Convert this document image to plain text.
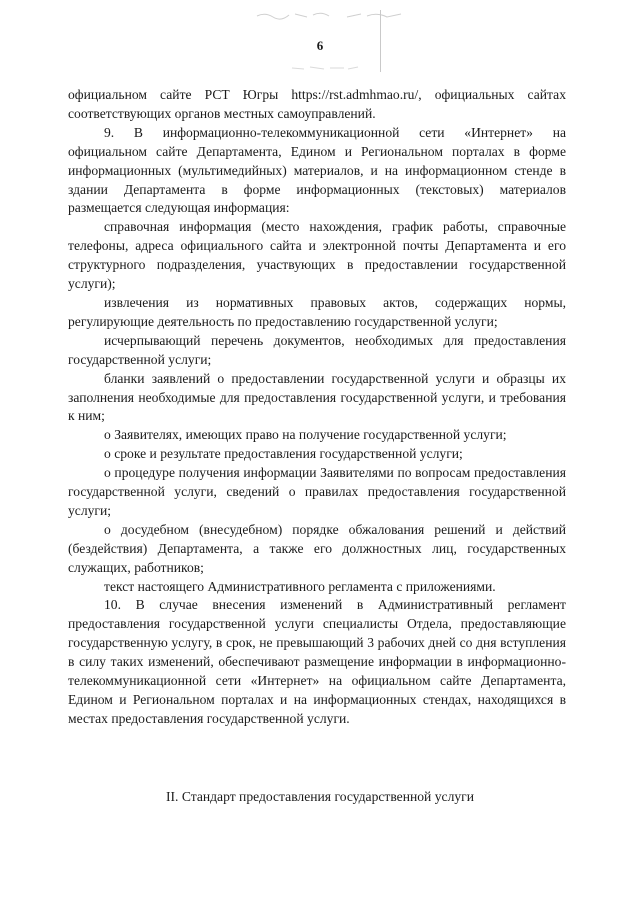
6

официальном сайте РСТ Югры https://rst.admhmao.ru/, официальных сайтах соответствующих органов местных самоуправлений.

9. В информационно-телекоммуникационной сети «Интернет» на официальном сайте Департамента, Едином и Региональном порталах в форме информационных (мультимедийных) материалов, и на информационном стенде в здании Департамента в форме информационных (текстовых) материалов размещается следующая информация:

справочная информация (место нахождения, график работы, справочные телефоны, адреса официального сайта и электронной почты Департамента и его структурного подразделения, участвующих в предоставлении государственной услуги);

извлечения из нормативных правовых актов, содержащих нормы, регулирующие деятельность по предоставлению государственной услуги;

исчерпывающий перечень документов, необходимых для предоставления государственной услуги;

бланки заявлений о предоставлении государственной услуги и образцы их заполнения необходимые для предоставления государственной услуги, и требования к ним;

о Заявителях, имеющих право на получение государственной услуги;

о сроке и результате предоставления государственной услуги;

о процедуре получения информации Заявителями по вопросам предоставления государственной услуги, сведений о правилах предоставления государственной услуги;

о досудебном (внесудебном) порядке обжалования решений и действий (бездействия) Департамента, а также его должностных лиц, государственных служащих, работников;

текст настоящего Административного регламента с приложениями.

10. В случае внесения изменений в Административный регламент предоставления государственной услуги специалисты Отдела, предоставляющие государственную услугу, в срок, не превышающий 3 рабочих дней со дня вступления в силу таких изменений, обеспечивают размещение информации в информационно-телекоммуникационной сети «Интернет» на официальном сайте Департамента, Едином и Региональном порталах и на информационных стендах, находящихся в местах предоставления государственной услуги.

II. Стандарт предоставления государственной услуги
